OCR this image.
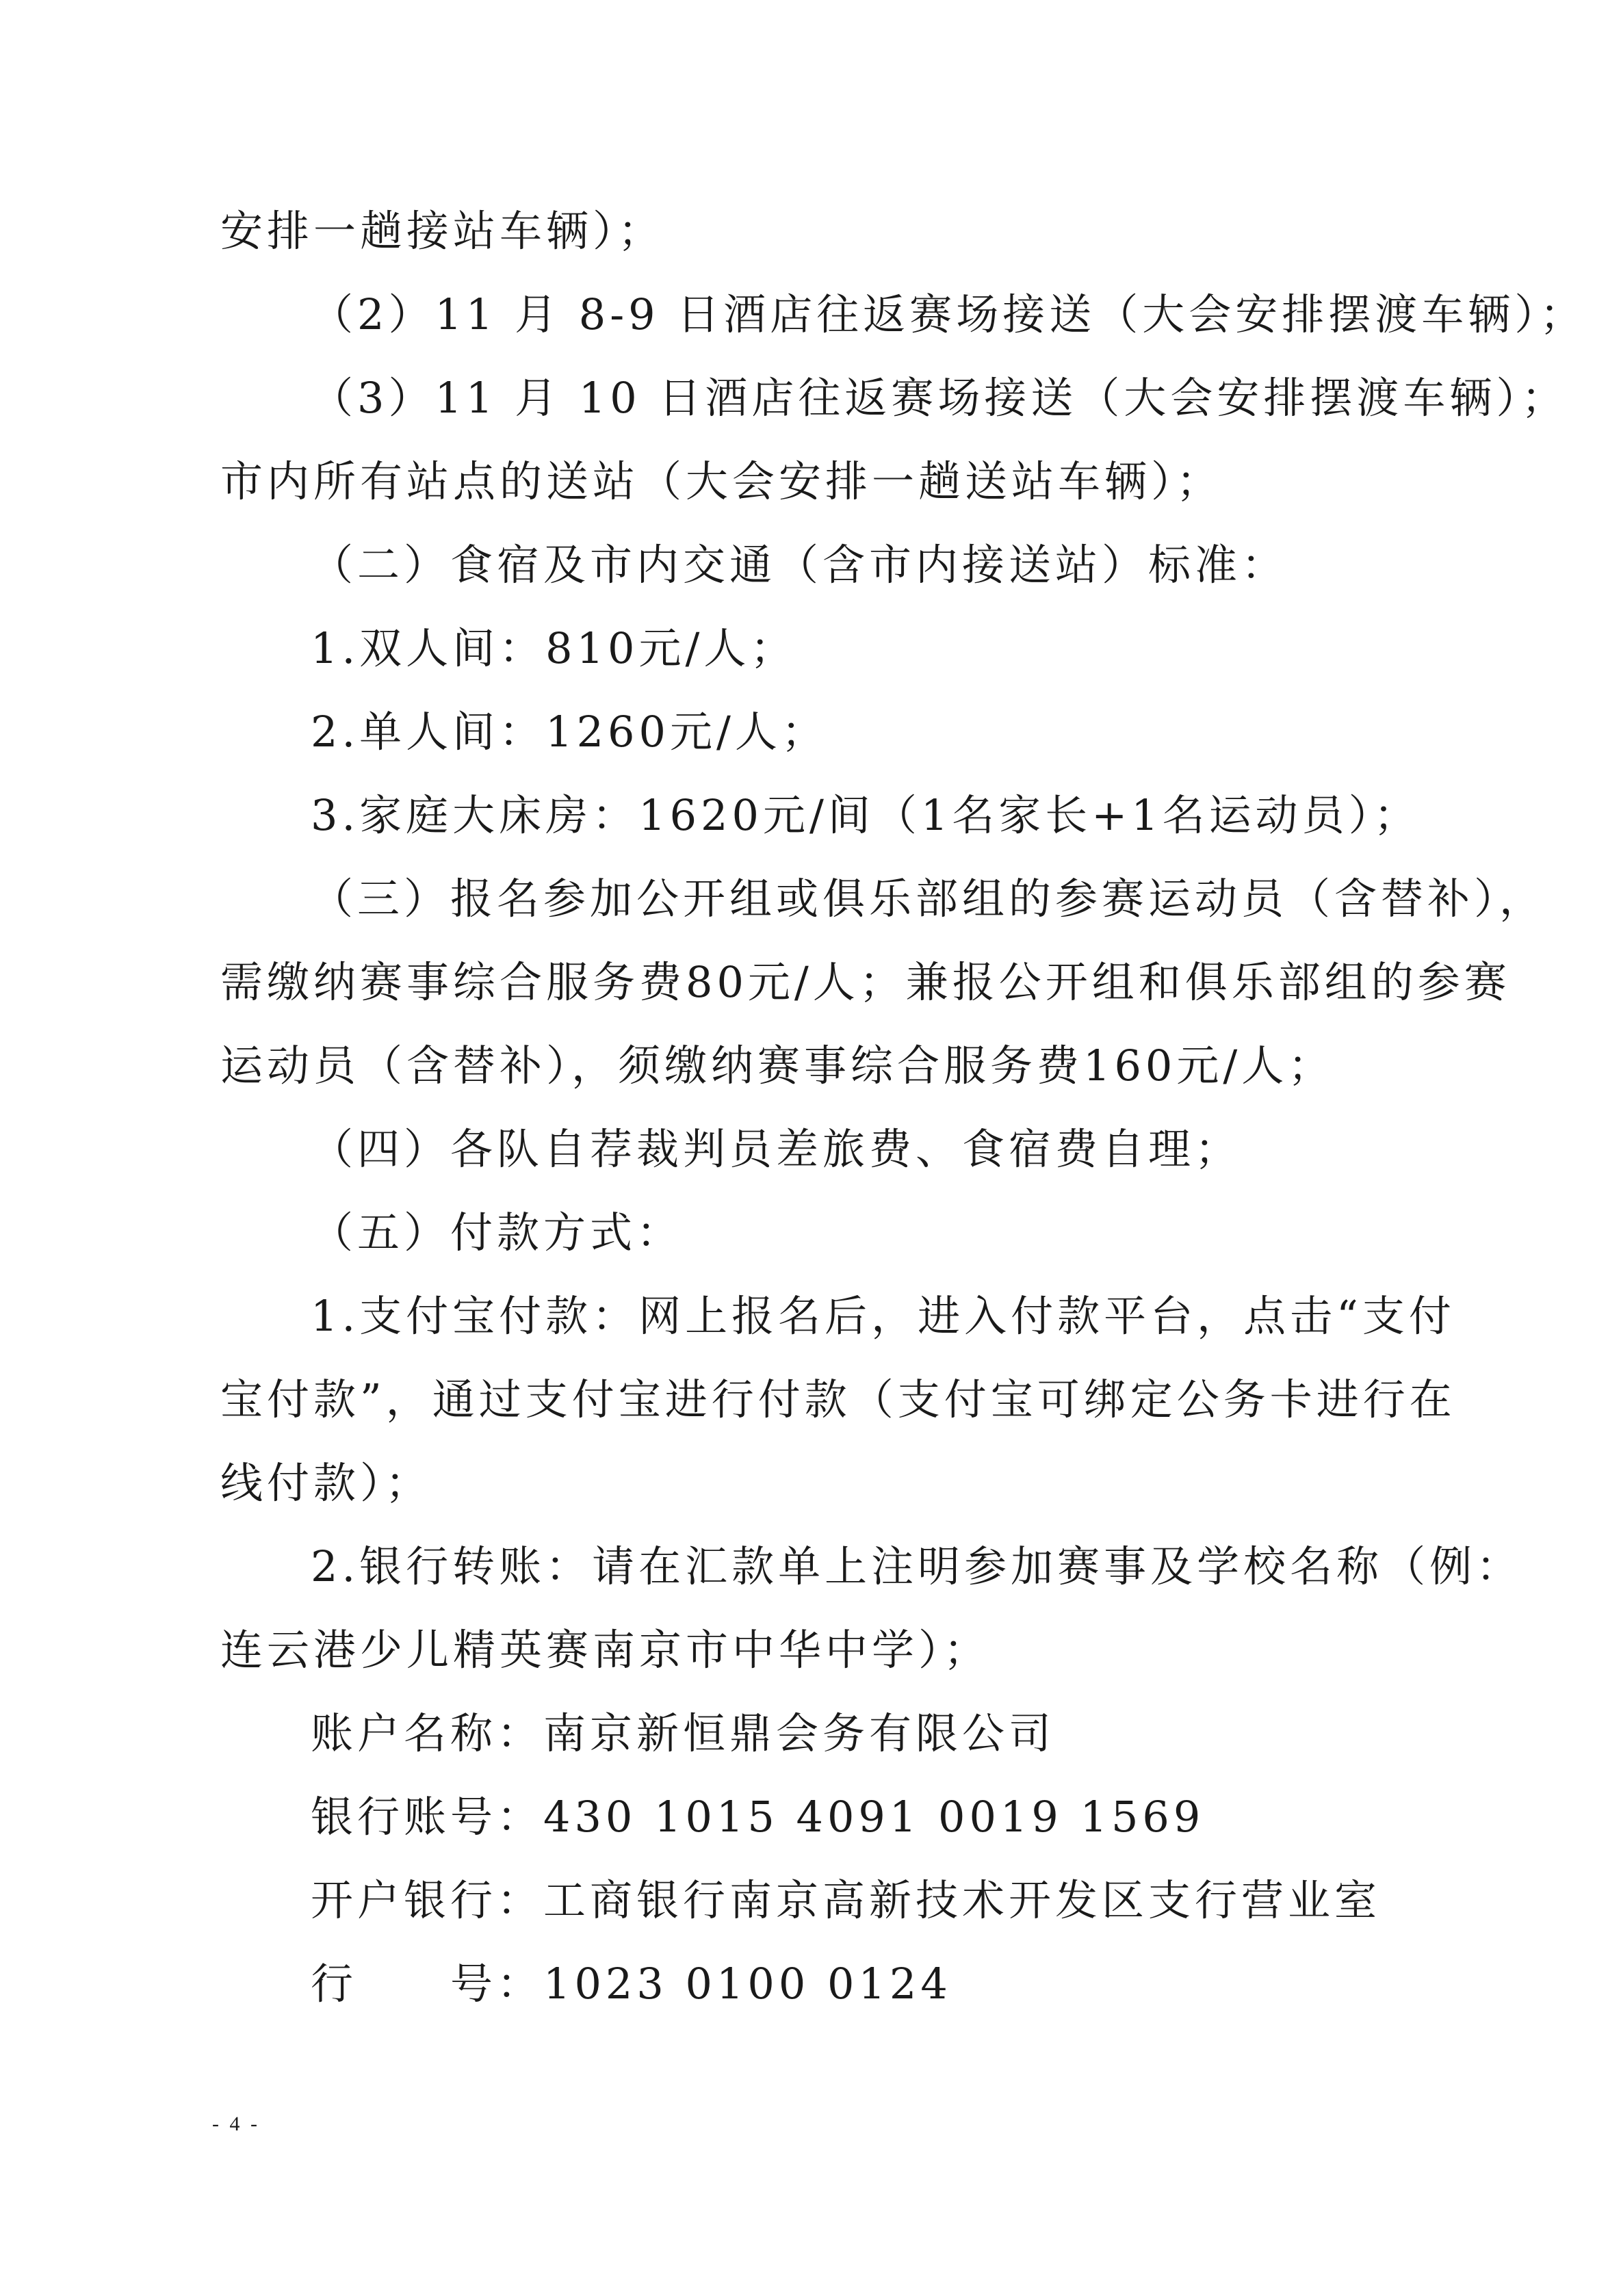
安排一趟接站车辆）；
（2）11 月 8-9 日酒店往返赛场接送（大会安排摆渡车辆）；
（3）11 月 10 日酒店往返赛场接送（大会安排摆渡车辆）；
市内所有站点的送站（大会安排一趟送站车辆）；
（二）食宿及市内交通（含市内接送站）标准：
1.双人间：810元/人；
2.单人间：1260元/人；
3.家庭大床房：1620元/间（1名家长+1名运动员）；
（三）报名参加公开组或俱乐部组的参赛运动员（含替补），
需缴纳赛事综合服务费80元/人；兼报公开组和俱乐部组的参赛
运动员（含替补），须缴纳赛事综合服务费160元/人；
（四）各队自荐裁判员差旅费、食宿费自理；
（五）付款方式：
1.支付宝付款：网上报名后，进入付款平台，点击“支付
宝付款”，通过支付宝进行付款（支付宝可绑定公务卡进行在
线付款）；
2.银行转账：请在汇款单上注明参加赛事及学校名称（例：
连云港少儿精英赛南京市中华中学）；
账户名称：南京新恒鼎会务有限公司
银行账号：430 1015 4091 0019 1569
开户银行：工商银行南京高新技术开发区支行营业室
行　　号：1023 0100 0124
- 4 -
